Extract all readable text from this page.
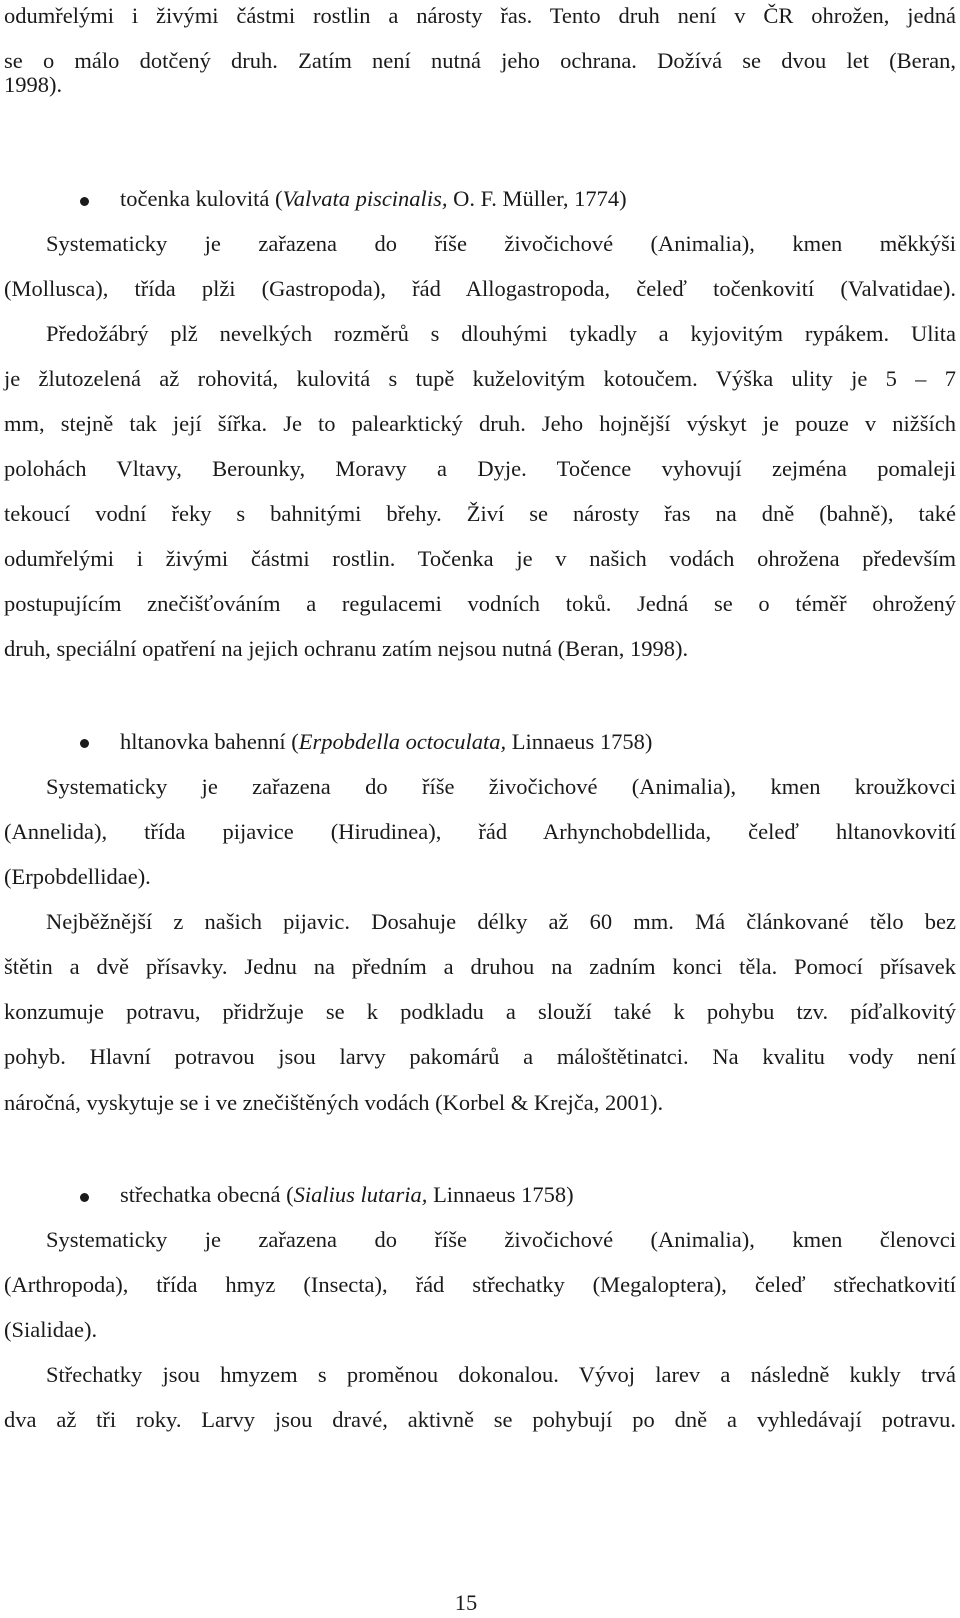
odumřelými i živými částmi rostlin a nárosty řas. Tento druh není v ČR ohrožen, jedná
se o málo dotčený druh. Zatím není nutná jeho ochrana. Dožívá se dvou let (Beran,
1998).
točenka kulovitá (Valvata piscinalis, O. F. Müller, 1774)
Systematicky je zařazena do říše živočichové (Animalia), kmen měkkýši
(Mollusca), třída plži (Gastropoda), řád Allogastropoda, čeleď točenkovití (Valvatidae).
Předožábrý plž nevelkých rozměrů s dlouhými tykadly a kyjovitým rypákem. Ulita
je žlutozelená až rohovitá, kulovitá s tupě kuželovitým kotoučem. Výška ulity je 5 – 7
mm, stejně tak její šířka. Je to palearktický druh. Jeho hojnější výskyt je pouze v nižších
polohách Vltavy, Berounky, Moravy a Dyje. Točence vyhovují zejména pomaleji
tekoucí vodní řeky s bahnitými břehy. Živí se nárosty řas na dně (bahně), také
odumřelými i živými částmi rostlin. Točenka je v našich vodách ohrožena především
postupujícím znečišťováním a regulacemi vodních toků. Jedná se o téměř ohrožený
druh, speciální opatření na jejich ochranu zatím nejsou nutná (Beran, 1998).
hltanovka bahenní (Erpobdella octoculata, Linnaeus 1758)
Systematicky je zařazena do říše živočichové (Animalia), kmen kroužkovci
(Annelida), třída pijavice (Hirudinea), řád Arhynchobdellida, čeleď hltanovkovití
(Erpobdellidae).
Nejběžnější z našich pijavic. Dosahuje délky až 60 mm. Má článkované tělo bez
štětin a dvě přísavky. Jednu na předním a druhou na zadním konci těla. Pomocí přísavek
konzumuje potravu, přidržuje se k podkladu a slouží také k pohybu tzv. píďalkovitý
pohyb. Hlavní potravou jsou larvy pakomárů a máloštětinatci. Na kvalitu vody není
náročná, vyskytuje se i ve znečištěných vodách (Korbel & Krejča, 2001).
střechatka obecná (Sialius lutaria, Linnaeus 1758)
Systematicky je zařazena do říše živočichové (Animalia), kmen členovci
(Arthropoda), třída hmyz (Insecta), řád střechatky (Megaloptera), čeleď střechatkovití
(Sialidae).
Střechatky jsou hmyzem s proměnou dokonalou. Vývoj larev a následně kukly trvá
dva až tři roky. Larvy jsou dravé, aktivně se pohybují po dně a vyhledávají potravu.
15
